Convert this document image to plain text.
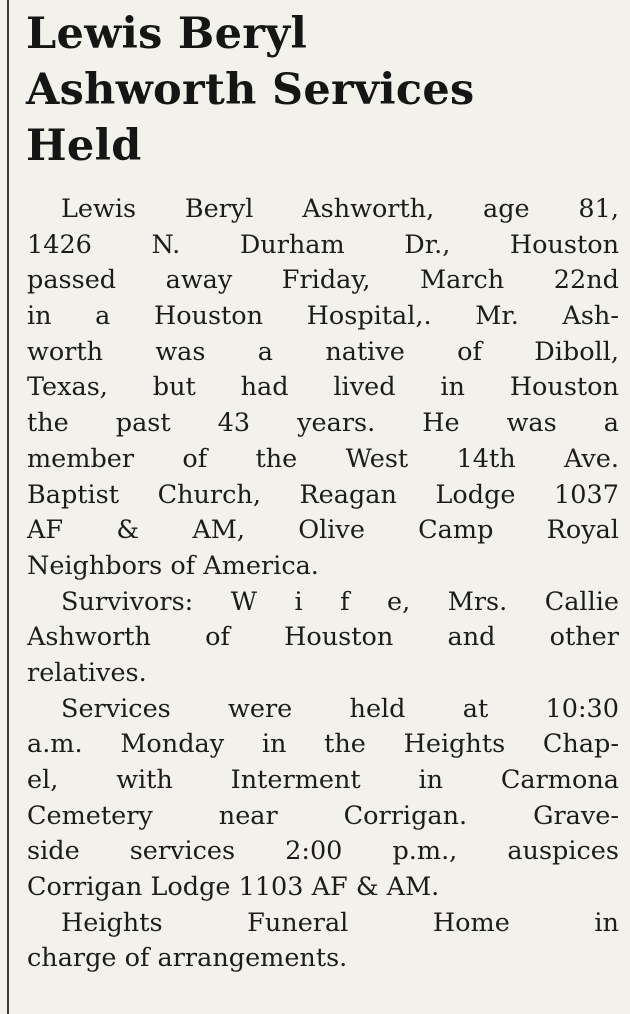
Lewis Beryl
Ashworth Services
Held
Lewis Beryl Ashworth, age 81,
1426 N. Durham Dr., Houston
passed away Friday, March 22nd
in a Houston Hospital,. Mr. Ash-
worth was a native of Diboll,
Texas, but had lived in Houston
the past 43 years. He was a
member of the West 14th Ave.
Baptist Church, Reagan Lodge 1037
AF & AM, Olive Camp Royal
Neighbors of America.
Survivors: W i f e, Mrs. Callie
Ashworth of Houston and other
relatives.
Services were held at 10:30
a.m. Monday in the Heights Chap-
el, with Interment in Carmona
Cemetery	near	Corrigan.	Grave-
side services 2:00 p.m., auspices
Corrigan Lodge 1103 AF & AM.
Heights	Funeral	Home	in
charge of arrangements.
